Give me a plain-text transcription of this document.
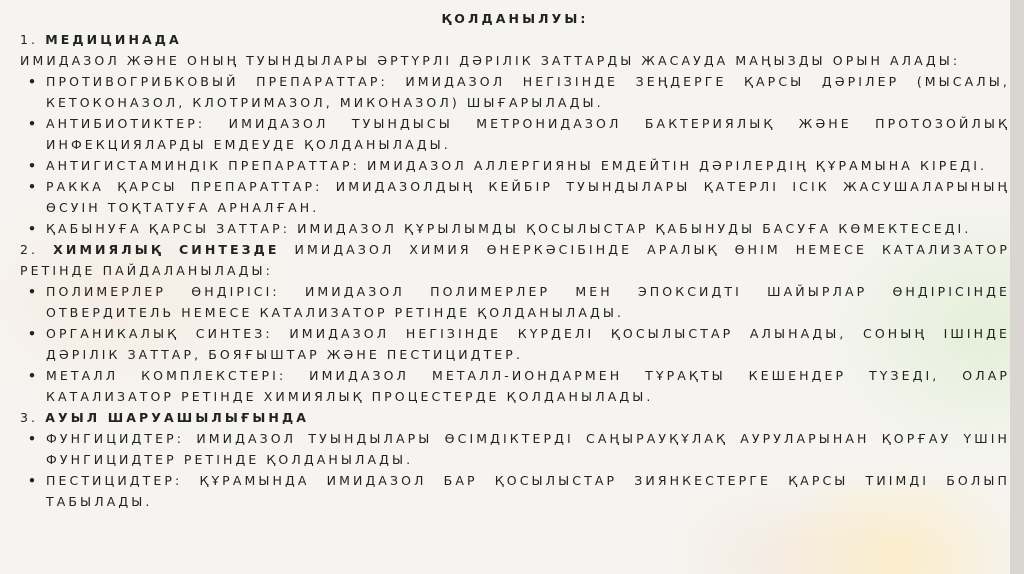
ҚОЛДАНЫЛУЫ:

1. МЕДИЦИНАДА

ИМИДАЗОЛ ЖӘНЕ ОНЫҢ ТУЫНДЫЛАРЫ ӘРТҮРЛІ ДӘРІЛІК ЗАТТАРДЫ ЖАСАУДА МАҢЫЗДЫ ОРЫН АЛАДЫ:

• ПРОТИВОГРИБКОВЫЙ ПРЕПАРАТТАР: ИМИДАЗОЛ НЕГІЗІНДЕ ЗЕҢДЕРГЕ ҚАРСЫ ДӘРІЛЕР (МЫСАЛЫ, КЕТОКОНАЗОЛ, КЛОТРИМАЗОЛ, МИКОНАЗОЛ) ШЫҒАРЫЛАДЫ.
• АНТИБИОТИКТЕР: ИМИДАЗОЛ ТУЫНДЫСЫ МЕТРОНИДАЗОЛ БАКТЕРИЯЛЫҚ ЖӘНЕ ПРОТОЗОЙЛЫҚ ИНФЕКЦИЯЛАРДЫ ЕМДЕУДЕ ҚОЛДАНЫЛАДЫ.
• АНТИГИСТАМИНДІК ПРЕПАРАТТАР: ИМИДАЗОЛ АЛЛЕРГИЯНЫ ЕМДЕЙТІН ДӘРІЛЕРДІҢ ҚҰРАМЫНА КІРЕДІ.
• РАККА ҚАРСЫ ПРЕПАРАТТАР: ИМИДАЗОЛДЫҢ КЕЙБІР ТУЫНДЫЛАРЫ ҚАТЕРЛІ ІСІК ЖАСУШАЛАРЫНЫҢ ӨСУІН ТОҚТАТУҒА АРНАЛҒАН.
• ҚАБЫНУҒА ҚАРСЫ ЗАТТАР: ИМИДАЗОЛ ҚҰРЫЛЫМДЫ ҚОСЫЛЫСТАР ҚАБЫНУДЫ БАСУҒА КӨМЕКТЕСЕДІ.

2. ХИМИЯЛЫҚ СИНТЕЗДЕ ИМИДАЗОЛ ХИМИЯ ӨНЕРКӘСІБІНДЕ АРАЛЫҚ ӨНІМ НЕМЕСЕ КАТАЛИЗАТОР РЕТІНДЕ ПАЙДАЛАНЫЛАДЫ:

• ПОЛИМЕРЛЕР ӨНДІРІСІ: ИМИДАЗОЛ ПОЛИМЕРЛЕР МЕН ЭПОКСИДТІ ШАЙЫРЛАР ӨНДІРІСІНДЕ ОТВЕРДИТЕЛЬ НЕМЕСЕ КАТАЛИЗАТОР РЕТІНДЕ ҚОЛДАНЫЛАДЫ.
• ОРГАНИКАЛЫҚ СИНТЕЗ: ИМИДАЗОЛ НЕГІЗІНДЕ КҮРДЕЛІ ҚОСЫЛЫСТАР АЛЫНАДЫ, СОНЫҢ ІШІНДЕ ДӘРІЛІК ЗАТТАР, БОЯҒЫШТАР ЖӘНЕ ПЕСТИЦИДТЕР.
• МЕТАЛЛ КОМПЛЕКСТЕРІ: ИМИДАЗОЛ МЕТАЛЛ-ИОНДАРМЕН ТҰРАҚТЫ КЕШЕНДЕР ТҮЗЕДІ, ОЛАР КАТАЛИЗАТОР РЕТІНДЕ ХИМИЯЛЫҚ ПРОЦЕСТЕРДЕ ҚОЛДАНЫЛАДЫ.

3. АУЫЛ ШАРУАШЫЛЫҒЫНДА

• ФУНГИЦИДТЕР: ИМИДАЗОЛ ТУЫНДЫЛАРЫ ӨСІМДІКТЕРДІ САҢЫРАУҚҰЛАҚ АУРУЛАРЫНАН ҚОРҒАУ ҮШІН ФУНГИЦИДТЕР РЕТІНДЕ ҚОЛДАНЫЛАДЫ.
• ПЕСТИЦИДТЕР: ҚҰРАМЫНДА ИМИДАЗОЛ БАР ҚОСЫЛЫСТАР ЗИЯНКЕСТЕРГЕ ҚАРСЫ ТИІМДІ БОЛЫП ТАБЫЛАДЫ.
